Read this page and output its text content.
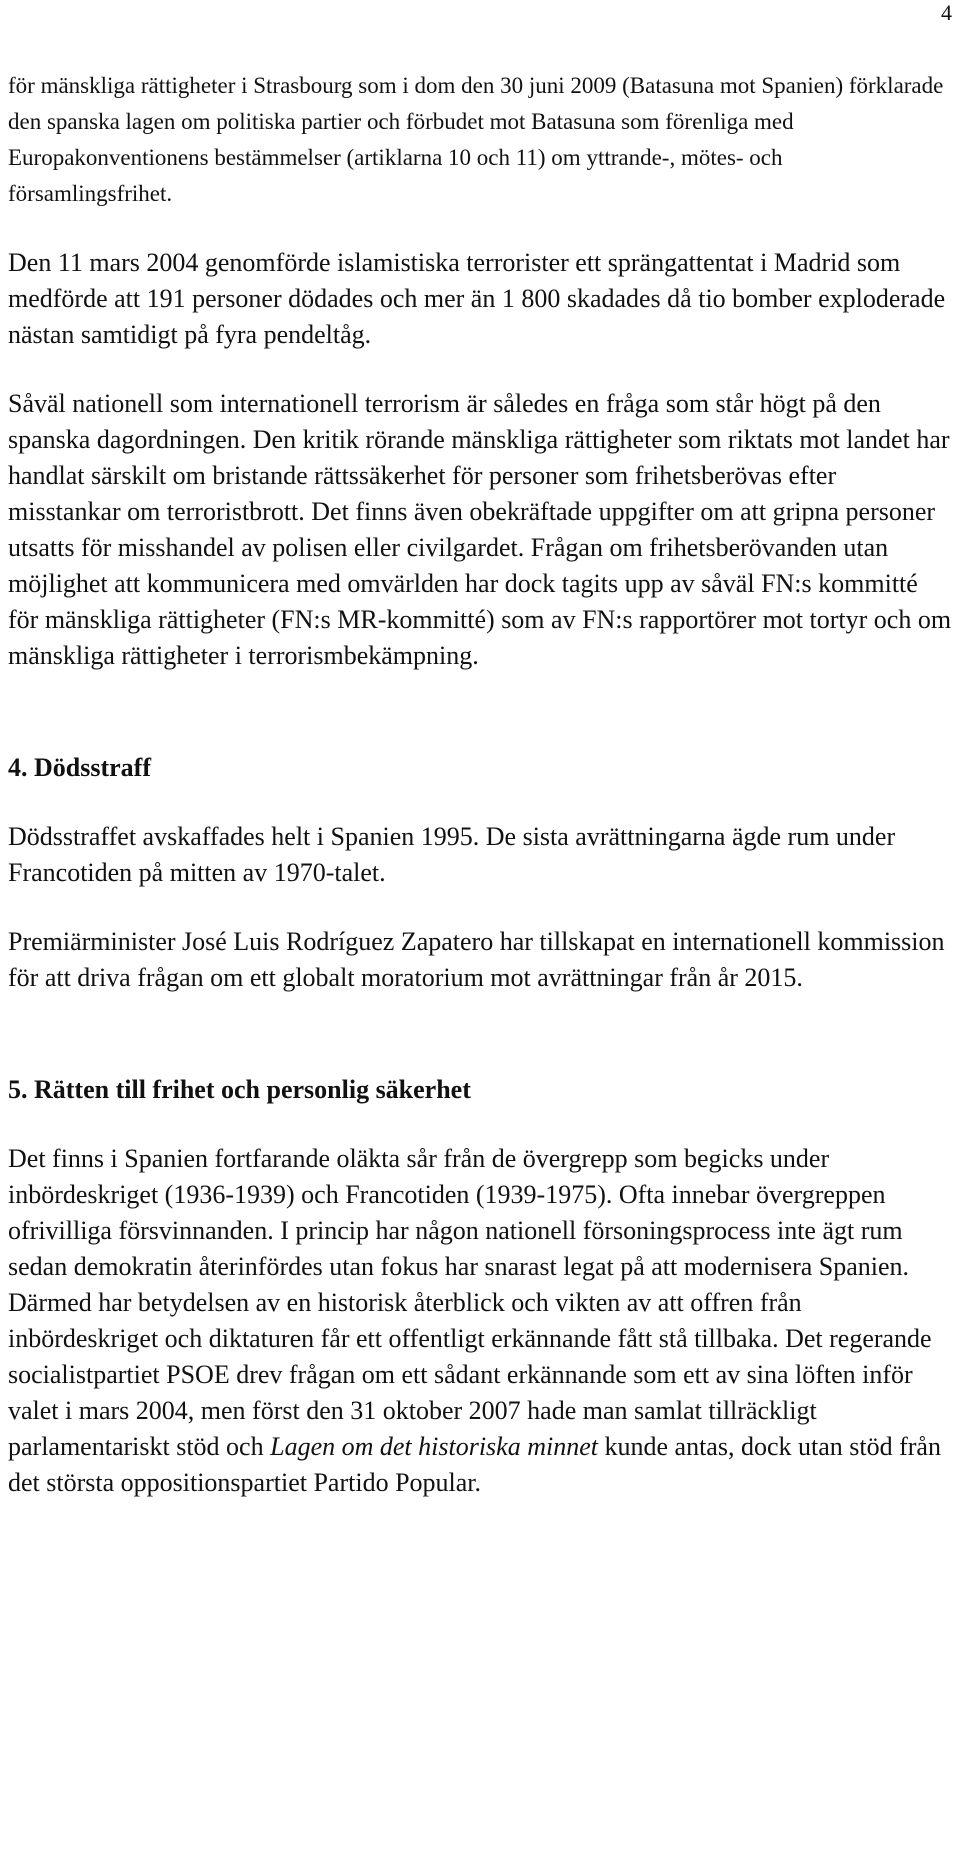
4

för mänskliga rättigheter i Strasbourg som i dom den 30 juni 2009 (Batasuna mot Spanien) förklarade den spanska lagen om politiska partier och förbudet mot Batasuna som förenliga med Europakonventionens bestämmelser (artiklarna 10 och 11) om yttrande-, mötes- och församlingsfrihet.

Den 11 mars 2004 genomförde islamistiska terrorister ett sprängattentat i Madrid som medförde att 191 personer dödades och mer än 1 800 skadades då tio bomber exploderade nästan samtidigt på fyra pendeltåg.

Såväl nationell som internationell terrorism är således en fråga som står högt på den spanska dagordningen. Den kritik rörande mänskliga rättigheter som riktats mot landet har handlat särskilt om bristande rättssäkerhet för personer som frihetsberövas efter misstankar om terroristbrott. Det finns även obekräftade uppgifter om att gripna personer utsatts för misshandel av polisen eller civilgardet. Frågan om frihetsberövanden utan möjlighet att kommunicera med omvärlden har dock tagits upp av såväl FN:s kommitté för mänskliga rättigheter (FN:s MR-kommitté) som av FN:s rapportörer mot tortyr och om mänskliga rättigheter i terrorismbekämpning.

4. Dödsstraff

Dödsstraffet avskaffades helt i Spanien 1995. De sista avrättningarna ägde rum under Francotiden på mitten av 1970-talet.

Premiärminister José Luis Rodríguez Zapatero har tillskapat en internationell kommission för att driva frågan om ett globalt moratorium mot avrättningar från år 2015.

5. Rätten till frihet och personlig säkerhet

Det finns i Spanien fortfarande oläkta sår från de övergrepp som begicks under inbördeskriget (1936-1939) och Francotiden (1939-1975). Ofta innebar övergreppen ofrivilliga försvinnanden. I princip har någon nationell försoningsprocess inte ägt rum sedan demokratin återinfördes utan fokus har snarast legat på att modernisera Spanien. Därmed har betydelsen av en historisk återblick och vikten av att offren från inbördeskriget och diktaturen får ett offentligt erkännande fått stå tillbaka. Det regerande socialistpartiet PSOE drev frågan om ett sådant erkännande som ett av sina löften inför valet i mars 2004, men först den 31 oktober 2007 hade man samlat tillräckligt parlamentariskt stöd och Lagen om det historiska minnet kunde antas, dock utan stöd från det största oppositionspartiet Partido Popular.
